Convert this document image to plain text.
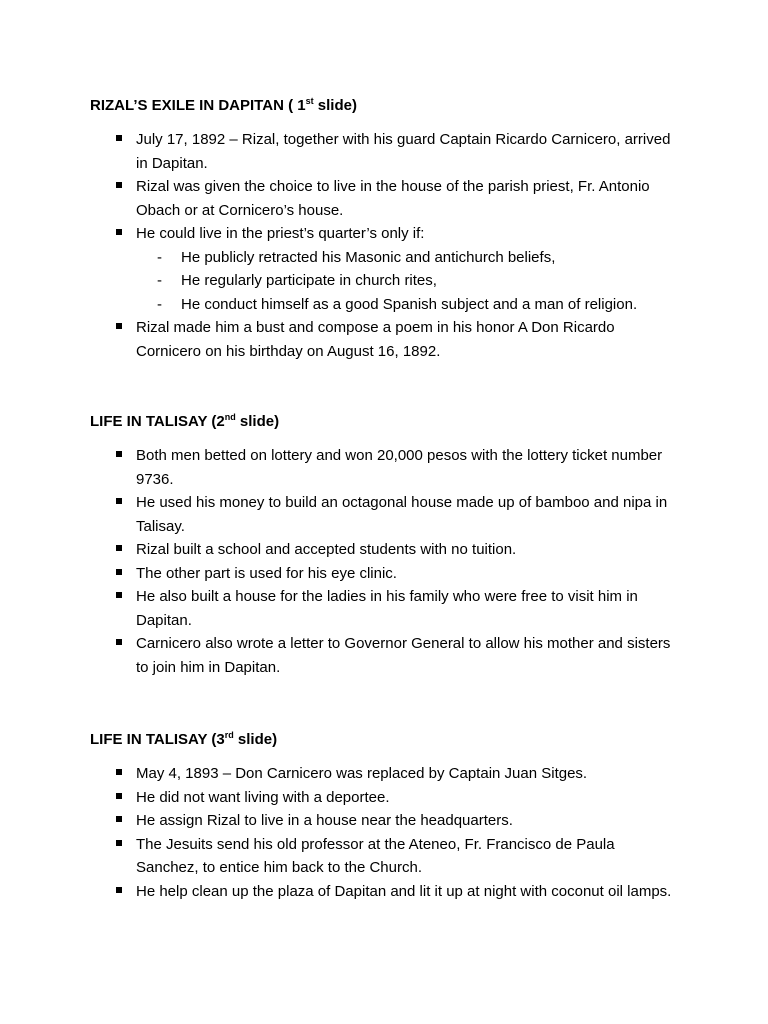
RIZAL’S EXILE IN DAPITAN ( 1st slide)
July 17, 1892 – Rizal, together with his guard Captain Ricardo Carnicero, arrived in Dapitan.
Rizal was given the choice to live in the house of the parish priest, Fr. Antonio Obach or at Cornicero’s house.
He could live in the priest’s quarter’s only if:
- He publicly retracted his Masonic and antichurch beliefs,
- He regularly participate in church rites,
- He conduct himself as a good Spanish subject and a man of religion.
Rizal made him a bust and compose a poem in his honor A Don Ricardo Cornicero on his birthday on August 16, 1892.
LIFE IN TALISAY (2nd slide)
Both men betted on lottery and won 20,000 pesos with the lottery ticket number 9736.
He used his money to build an octagonal house made up of bamboo and nipa in Talisay.
Rizal built a school and accepted students with no tuition.
The other part is used for his eye clinic.
He also built a house for the ladies in his family who were free to visit him in Dapitan.
Carnicero also wrote a letter to Governor General to allow his mother and sisters to join him in Dapitan.
LIFE IN TALISAY (3rd slide)
May 4, 1893 – Don Carnicero was replaced by Captain Juan Sitges.
He did not want living with a deportee.
He assign Rizal to live in a house near the headquarters.
The Jesuits send his old professor at the Ateneo, Fr. Francisco de Paula Sanchez, to entice him back to the Church.
He help clean up the plaza of Dapitan and lit it up at night with coconut oil lamps.
